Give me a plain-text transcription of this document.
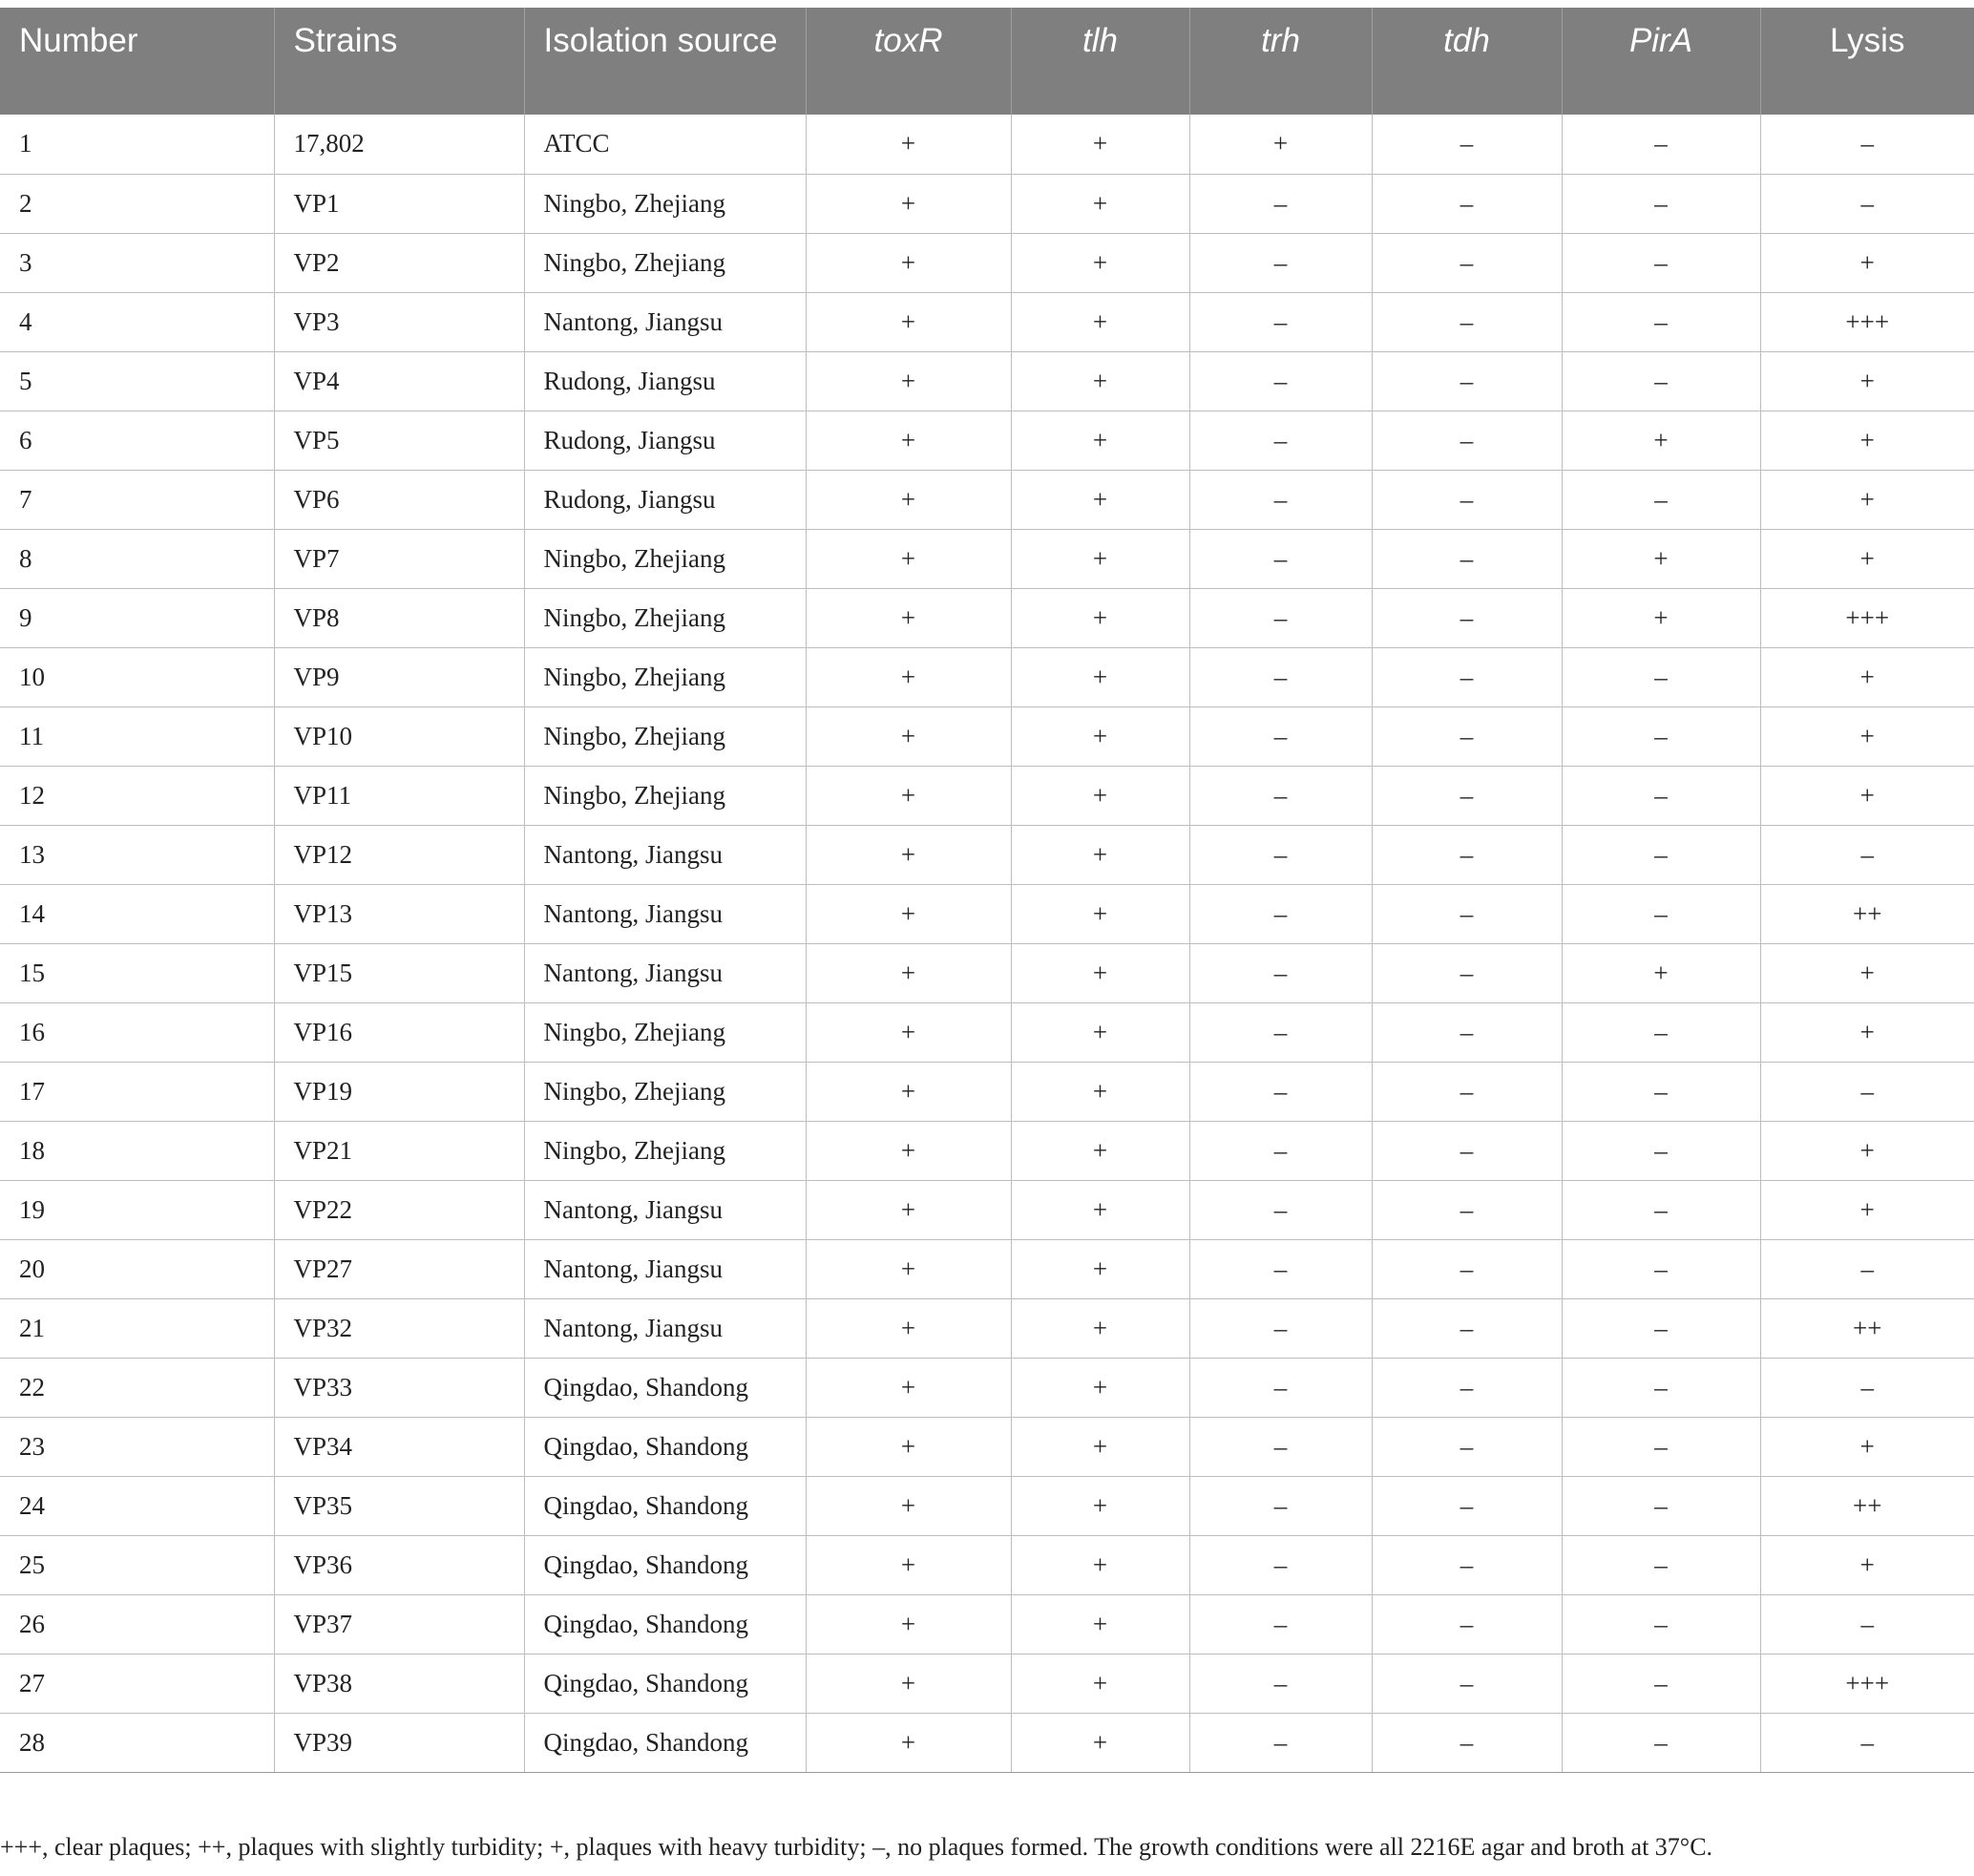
Number	Strains	Isolation source	toxR	tlh	trh	tdh	PirA	Lysis
1	17,802	ATCC	+	+	+	–	–	–
2	VP1	Ningbo, Zhejiang	+	+	–	–	–	–
3	VP2	Ningbo, Zhejiang	+	+	–	–	–	+
4	VP3	Nantong, Jiangsu	+	+	–	–	–	+++
5	VP4	Rudong, Jiangsu	+	+	–	–	–	+
6	VP5	Rudong, Jiangsu	+	+	–	–	+	+
7	VP6	Rudong, Jiangsu	+	+	–	–	–	+
8	VP7	Ningbo, Zhejiang	+	+	–	–	+	+
9	VP8	Ningbo, Zhejiang	+	+	–	–	+	+++
10	VP9	Ningbo, Zhejiang	+	+	–	–	–	+
11	VP10	Ningbo, Zhejiang	+	+	–	–	–	+
12	VP11	Ningbo, Zhejiang	+	+	–	–	–	+
13	VP12	Nantong, Jiangsu	+	+	–	–	–	–
14	VP13	Nantong, Jiangsu	+	+	–	–	–	++
15	VP15	Nantong, Jiangsu	+	+	–	–	+	+
16	VP16	Ningbo, Zhejiang	+	+	–	–	–	+
17	VP19	Ningbo, Zhejiang	+	+	–	–	–	–
18	VP21	Ningbo, Zhejiang	+	+	–	–	–	+
19	VP22	Nantong, Jiangsu	+	+	–	–	–	+
20	VP27	Nantong, Jiangsu	+	+	–	–	–	–
21	VP32	Nantong, Jiangsu	+	+	–	–	–	++
22	VP33	Qingdao, Shandong	+	+	–	–	–	–
23	VP34	Qingdao, Shandong	+	+	–	–	–	+
24	VP35	Qingdao, Shandong	+	+	–	–	–	++
25	VP36	Qingdao, Shandong	+	+	–	–	–	+
26	VP37	Qingdao, Shandong	+	+	–	–	–	–
27	VP38	Qingdao, Shandong	+	+	–	–	–	+++
28	VP39	Qingdao, Shandong	+	+	–	–	–	–
+++, clear plaques; ++, plaques with slightly turbidity; +, plaques with heavy turbidity; –, no plaques formed. The growth conditions were all 2216E agar and broth at 37°C.
